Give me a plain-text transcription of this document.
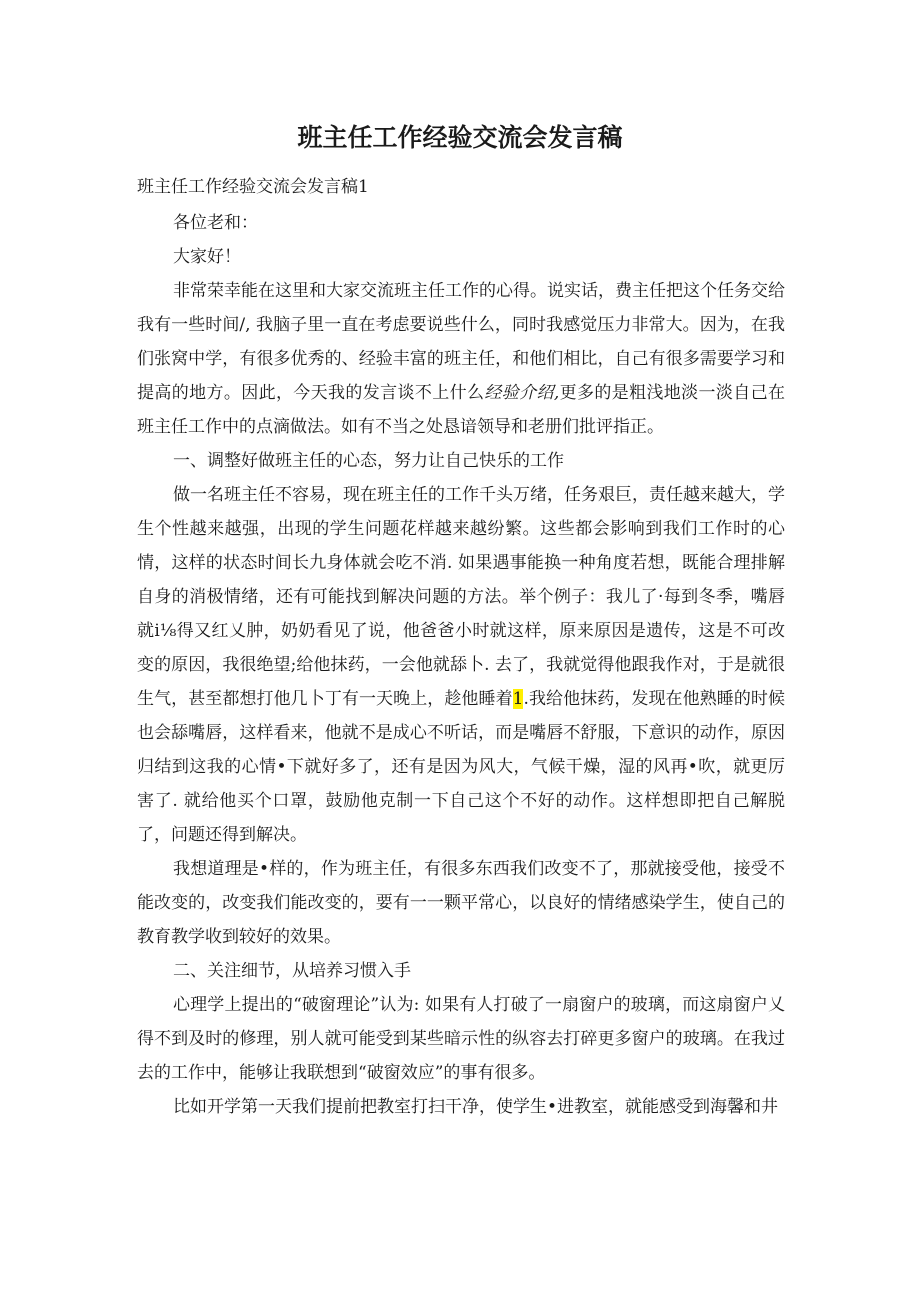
班主任工作经验交流会发言稿

班主任工作经验交流会发言稿1

各位老和：

大家好！

非常荣幸能在这里和大家交流班主任工作的心得。说实话，费主任把这个任务交给我有一些时间/, 我脑子里一直在考虑要说些什么，同时我感觉压力非常大。因为，在我们张窝中学，有很多优秀的、经验丰富的班主任，和他们相比，自己有很多需要学习和提高的地方。因此，今天我的发言谈不上什么经验介绍,更多的是粗浅地淡一淡自己在班主任工作中的点滴做法。如有不当之处恳谙领导和老册们批评指正。

一、调整好做班主任的心态，努力让自己快乐的工作

做一名班主任不容易，现在班主任的工作千头万绪，任务艰巨，责任越来越大，学生个性越来越强，出现的学生问题花样越来越纷繁。这些都会影响到我们工作时的心情，这样的状态时间长九身体就会吃不消. 如果遇事能换一种角度若想，既能合理排解自身的消极情绪，还有可能找到解决问题的方法。举个例子：我儿了·每到冬季，嘴唇就i⅛得又红乂肿，奶奶看见了说，他爸爸小时就这样，原来原因是遗传，这是不可改变的原因，我很绝望;给他抹药，一会他就舔卜. 去了，我就觉得他跟我作对，于是就很生气，甚至都想打他几卜丁有一天晚上，趁他睡着1.我给他抹药，发现在他熟睡的时候也会舔嘴唇，这样看来，他就不是成心不听话，而是嘴唇不舒服，下意识的动作，原因归结到这我的心情•下就好多了，还有是因为风大，气候干燥，湿的风再•吹，就更厉害了. 就给他买个口罩，鼓励他克制一下自己这个不好的动作。这样想即把自己解脱了，问题还得到解决。

我想道理是•样的，作为班主任，有很多东西我们改变不了，那就接受他，接受不能改变的，改变我们能改变的，要有一一颗平常心，以良好的情绪感染学生，使自己的教育教学收到较好的效果。

二、关注细节，从培养习惯入手

心理学上提出的“破窗理论”认为: 如果有人打破了一扇窗户的玻璃，而这扇窗户乂得不到及时的修理，别人就可能受到某些暗示性的纵容去打碎更多窗户的玻璃。在我过去的工作中，能够让我联想到“破窗效应”的事有很多。

比如开学第一天我们提前把教室打扫干净，使学生•进教室，就能感受到海馨和井
